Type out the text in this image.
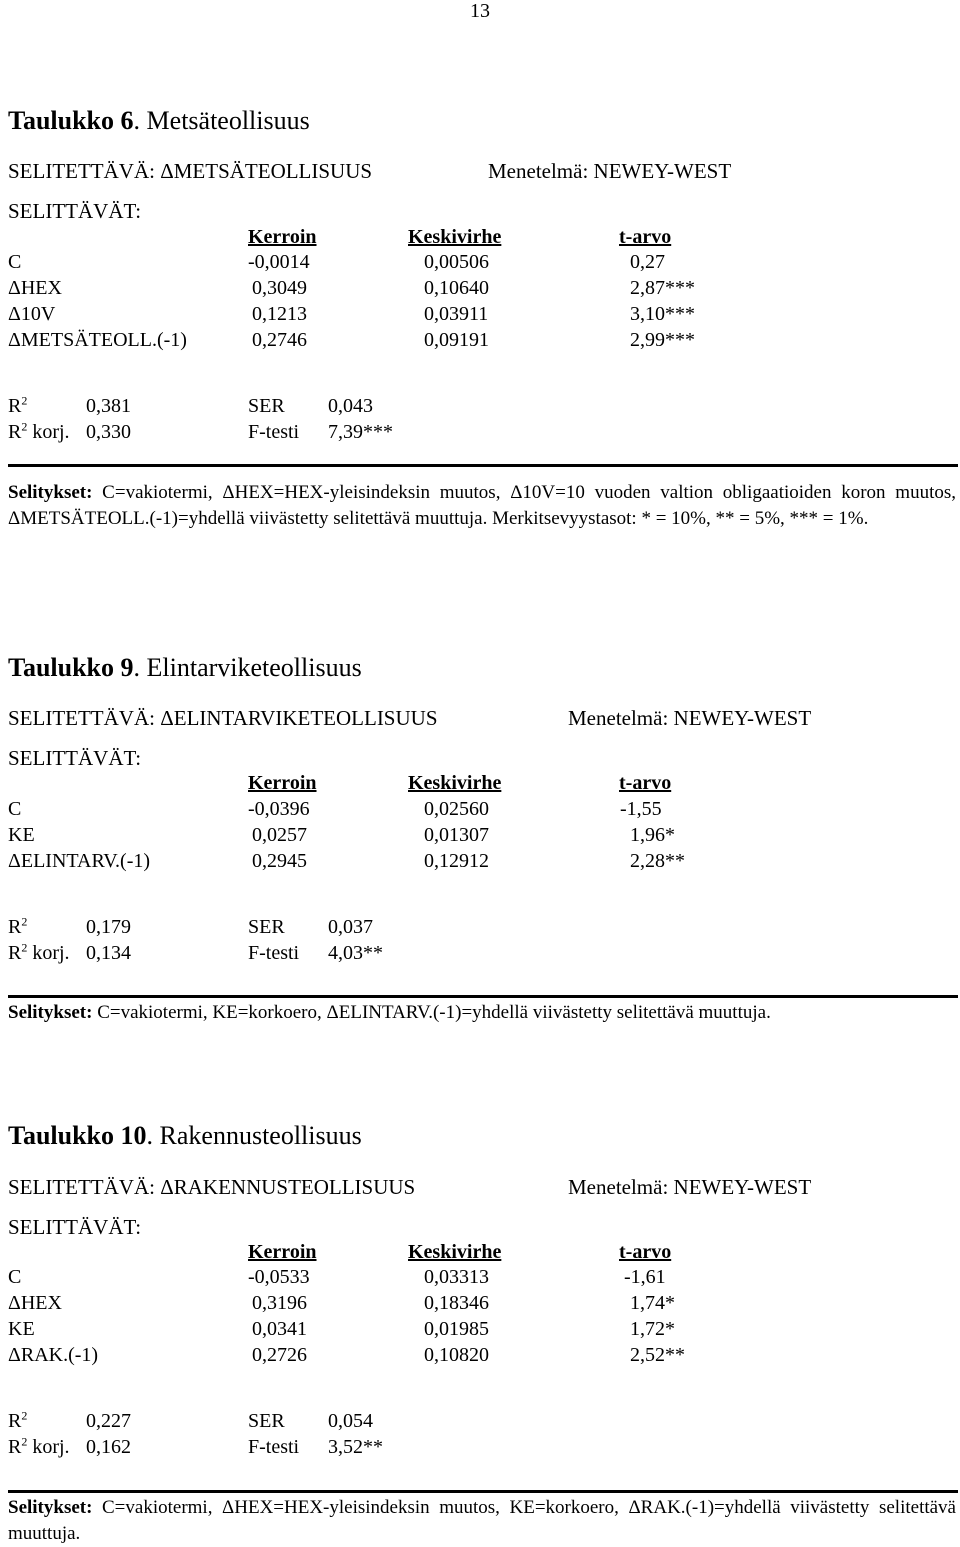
13
Taulukko 6. Metsäteollisuus
SELITETTÄVÄ: ΔMETSÄTEOLLISUUS	Menetelmä: NEWEY-WEST
SELITTÄVÄT:
Kerroin	Keskivirhe	t-arvo
C	-0,0014	0,00506	0,27
ΔHEX	0,3049	0,10640	2,87***
Δ10V	0,1213	0,03911	3,10***
ΔMETSÄTEOLL.(-1)	0,2746	0,09191	2,99***
$R^2$	0,381	SER 0,043
$R^2$ korj. 0,330	F-testi 7,39***
Selitykset: C=vakiotermi, ΔHEX=HEX-yleisindeksin muutos, Δ10V=10 vuoden valtion obligaatioiden koron muutos, ΔMETSÄTEOLL.(-1)=yhdellä viivästetty selitettävä muuttuja. Merkitsevyystasot: * = 10%, ** = 5%, *** = 1%.
Taulukko 9. Elintarviketeollisuus
SELITETTÄVÄ: ΔELINTARVIKETEOLLISUUS	Menetelmä: NEWEY-WEST
SELITTÄVÄT:
Kerroin	Keskivirhe	t-arvo
C	-0,0396	0,02560	-1,55
KE	0,0257	0,01307	1,96*
ΔELINTARV.(-1)	0,2945	0,12912	2,28**
$R^2$	0,179	SER 0,037
$R^2$ korj. 0,134	F-testi 4,03**
Selitykset: C=vakiotermi, KE=korkoero, ΔELINTARV.(-1)=yhdellä viivästetty selitettävä muuttuja.
Taulukko 10. Rakennusteollisuus
SELITETTÄVÄ: ΔRAKENNUSTEOLLISUUS	Menetelmä: NEWEY-WEST
SELITTÄVÄT:
Kerroin	Keskivirhe	t-arvo
C	-0,0533	0,03313	-1,61
ΔHEX	0,3196	0,18346	1,74*
KE	0,0341	0,01985	1,72*
ΔRAK.(-1)	0,2726	0,10820	2,52**
$R^2$	0,227	SER 0,054
$R^2$ korj. 0,162	F-testi 3,52**
Selitykset: C=vakiotermi, ΔHEX=HEX-yleisindeksin muutos, KE=korkoero, ΔRAK.(-1)=yhdellä viivästetty selitettävä muuttuja.
